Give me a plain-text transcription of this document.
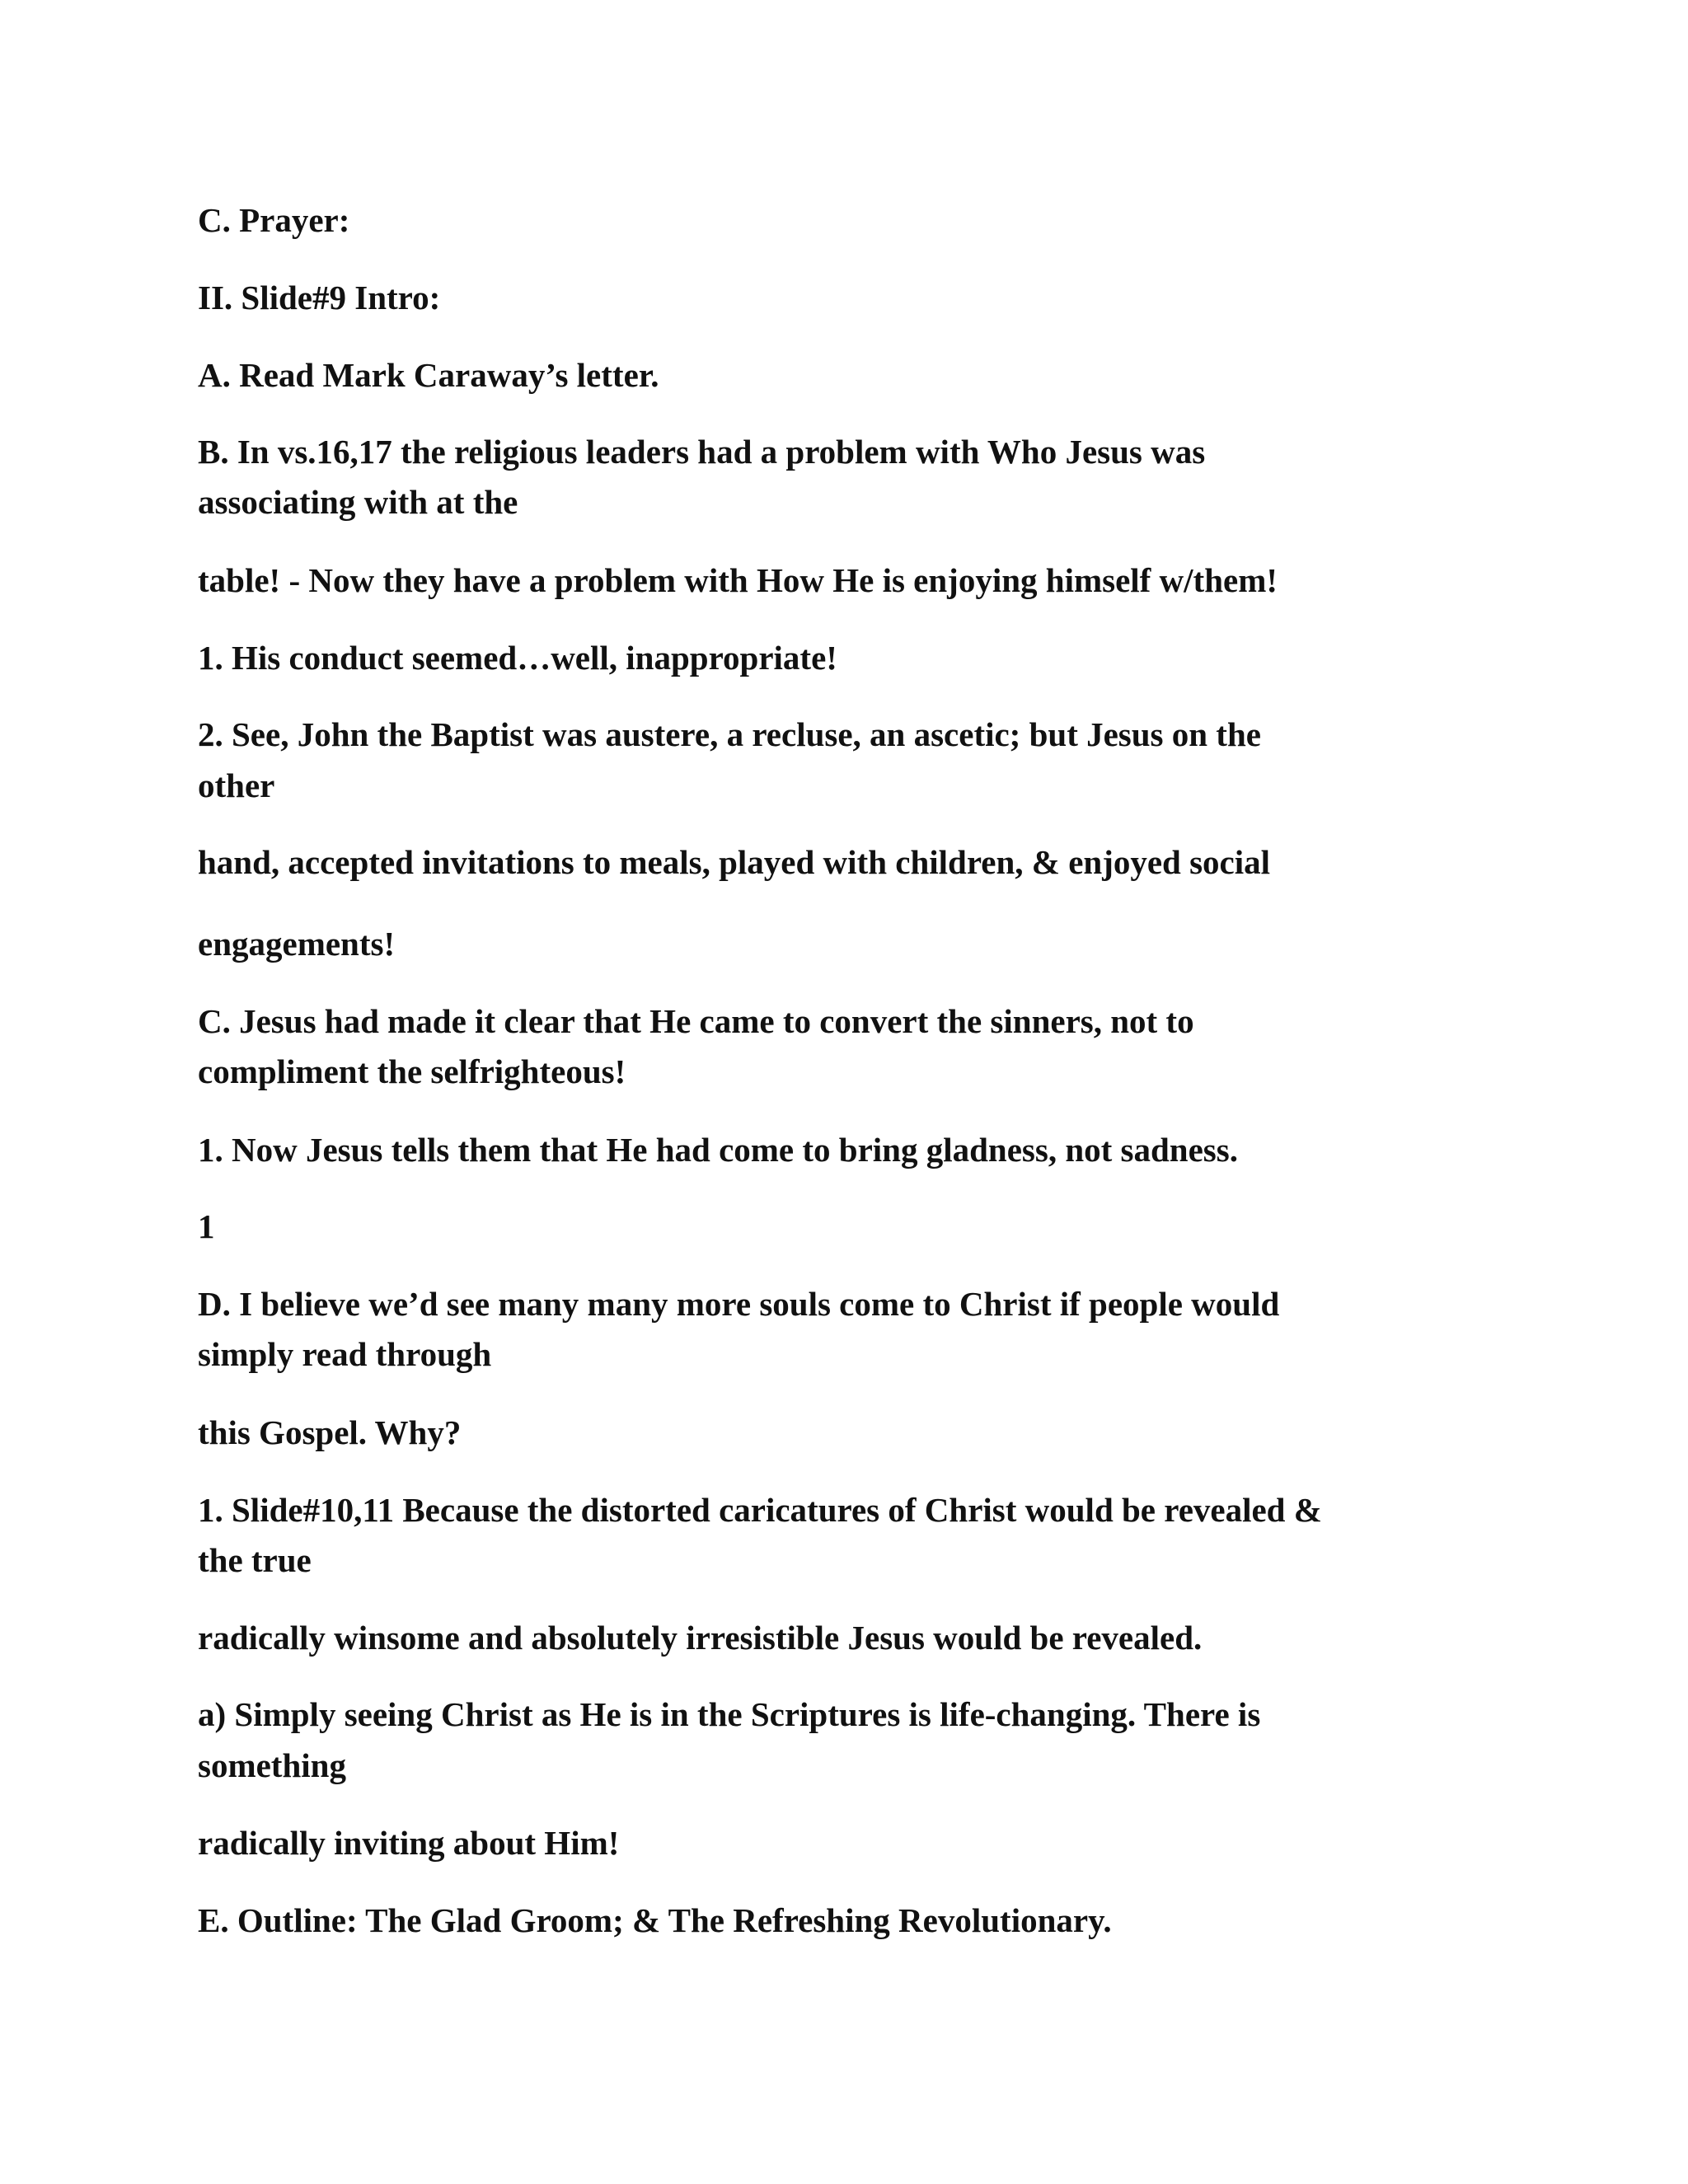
C. Prayer:

II. Slide#9 Intro:

A. Read Mark Caraway’s letter.

B. In vs.16,17 the religious leaders had a problem with Who Jesus was

associating with at the

table! - Now they have a problem with How He is enjoying himself w/them!

1. His conduct seemed…well, inappropriate!

2. See, John the Baptist was austere, a recluse, an ascetic; but Jesus on the

other

hand, accepted invitations to meals, played with children, & enjoyed social

engagements!

C. Jesus had made it clear that He came to convert the sinners, not to

compliment the selfrighteous!

1. Now Jesus tells them that He had come to bring gladness, not sadness.

1

D. I believe we’d see many many more souls come to Christ if people would

simply read through

this Gospel. Why?

1. Slide#10,11 Because the distorted caricatures of Christ would be revealed &

the true

radically winsome and absolutely irresistible Jesus would be revealed.

a) Simply seeing Christ as He is in the Scriptures is life-changing. There is

something

radically inviting about Him!

E. Outline: The Glad Groom; & The Refreshing Revolutionary.
